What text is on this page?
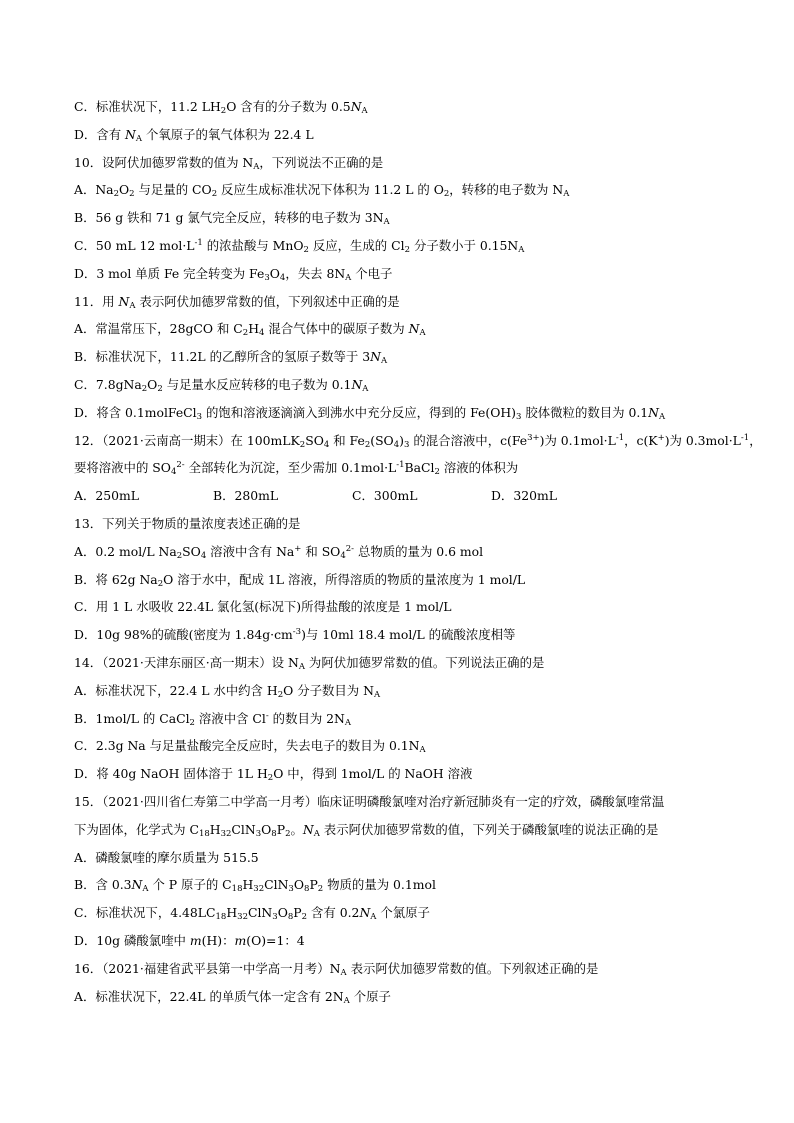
C．标准状况下，11.2 $LH_2O$ 含有的分子数为 $0.5N_A$
D．含有 $N_A$ 个氧原子的氧气体积为 22.4 L
10．设阿伏加德罗常数的值为 $N_A$，下列说法不正确的是
A．$Na_2O_2$ 与足量的 $CO_2$ 反应生成标准状况下体积为 11.2 L 的 $O_2$，转移的电子数为 $N_A$
B．56 g 铁和 71 g 氯气完全反应，转移的电子数为 $3N_A$
C．50 mL 12 $mol\cdot L^{-1}$ 的浓盐酸与 MnO$_2$ 反应，生成的 $Cl_2$ 分子数小于 $0.15N_A$
D．3 mol 单质 Fe 完全转变为 $Fe_3O_4$，失去 $8N_A$ 个电子
11．用 $N_A$ 表示阿伏加德罗常数的值，下列叙述中正确的是
A．常温常压下，28gCO 和 $C_2H_4$ 混合气体中的碳原子数为 $N_A$
B．标准状况下，11.2L 的乙醇所含的氢原子数等于 $3N_A$
C．$7.8gNa_2O_2$ 与足量水反应转移的电子数为 $0.1N_A$
D．将含 0.1molFeCl$_3$ 的饱和溶液逐滴滴入到沸水中充分反应，得到的 $Fe(OH)_3$ 胶体微粒的数目为 $0.1N_A$
12．（2021·云南高一期末）在 $100mLK_2SO_4$ 和 $Fe_2(SO_4)_3$ 的混合溶液中，$c(Fe^{3+})$为 $0.1mol\cdot L^{-1}$，c(K+)为 $0.3mol\cdot L^{-1}$，
要将溶液中的 $SO_4^{2-}$ 全部转化为沉淀，至少需加 $0.1mol\cdot L^{-1}BaCl_2$ 溶液的体积为
A．250mL	B．280mL	C．300mL	D．320mL
13．下列关于物质的量浓度表述正确的是
A．0.2 mol/L $Na_2SO_4$ 溶液中含有 Na+ 和 $SO_4^{2-}$ 总物质的量为 0.6 mol
B．将 62g $Na_2O$ 溶于水中，配成 1L 溶液，所得溶质的物质的量浓度为 1 mol/L
C．用 1 L 水吸收 22.4L 氯化氢(标况下)所得盐酸的浓度是 1 mol/L
D．10g 98%的硫酸(密度为 $1.84g\cdot cm^{-3}$)与 10ml 18.4 mol/L 的硫酸浓度相等
14．（2021·天津东丽区·高一期末）设 $N_A$ 为阿伏加德罗常数的值。下列说法正确的是
A．标准状况下，22.4 L 水中约含 $H_2O$ 分子数目为 $N_A$
B．1mol/L 的 CaCl$_2$ 溶液中含 Cl- 的数目为 $2N_A$
C．2.3g Na 与足量盐酸完全反应时，失去电子的数目为 $0.1N_A$
D．将 40g NaOH 固体溶于 1L $H_2O$ 中，得到 1mol/L 的 NaOH 溶液
15．（2021·四川省仁寿第二中学高一月考）临床证明磷酸氯喹对治疗新冠肺炎有一定的疗效，磷酸氯喹常温
下为固体，化学式为 $C_{18}H_{32}ClN_3O_8P_2$。$N_A$ 表示阿伏加德罗常数的值，下列关于磷酸氯喹的说法正确的是
A．磷酸氯喹的摩尔质量为 515.5
B．含 $0.3N_A$ 个 P 原子的 $C_{18}H_{32}ClN_3O_8P_2$ 物质的量为 0.1mol
C．标准状况下，$4.48LC_{18}H_{32}ClN_3O_8P_2$ 含有 $0.2N_A$ 个氯原子
D．10g 磷酸氯喹中 m(H)：m(O)=1：4
16．（2021·福建省武平县第一中学高一月考）$N_A$ 表示阿伏加德罗常数的值。下列叙述正确的是
A．标准状况下，22.4L 的单质气体一定含有 $2N_A$ 个原子
